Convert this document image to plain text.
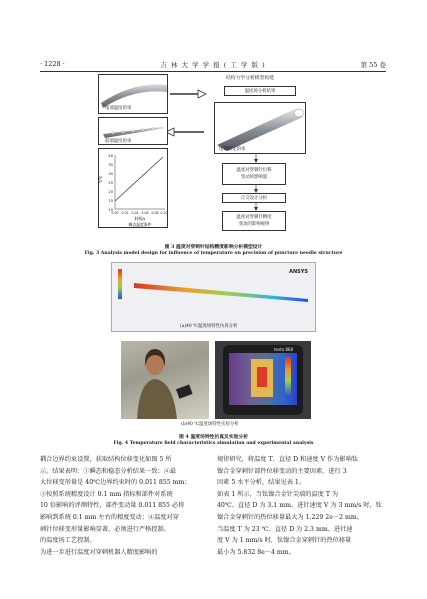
· 1228 ·	吉 林 大 学 学 报 ( 工 学 版 )	第 55 卷
尾部温度的束
前端温度的束
40
35
30
25
20
15
10
0.00 0.02 0.04 0.06 0.08 0.10
T/℃
时间/s
瞬态温度条件
结构力学分析模型构建
温度场分析结果
尾部固定的束
温度对穿刺针位移
变动的影响量
正交设计分析
温度对穿刺针精度
变动的影响规律
图 3 温度对穿刺针结构精度影响分析模型设计
Fig. 3 Analysis model design for influence of temperature on precision of puncture needle structure
ANSYS
(a)40 ℃温度场特性仿真分析
testo 868
(b)40 ℃温度场特性实验分析
图 4 温度场特性仿真及实验分析
Fig. 4 Temperature field characteristics simulation and experimental analysis

耦合边界约束设置，获取结构位移变化如图 5 所

示。结果表明：①瞬态和稳态分析结果一致；②最

大位移变形量是 40℃边界约束时的 0.011 855 mm；

③按照系统精度设计 0.1 mm 指标和部件对系统

10 倍影响的评测特性，部件变动量 0.011 855 必将

影响到系统 0.1 mm 左右的精度变动；④温度对穿

刺针位移变形量影响显著，必须进行严格控制。

的温度场工艺控制。

为进一步进行温度对穿刺机器人精度影响的

规律研究，将温度 T、直径 D 和速度 V 作为影响钛

镍合金穿刺针部件位移变动的主要因素，进行 3

因素 5 水平分析，结果见表 1。

如表 1 所示，当钛镍合金针尖端的温度 T 为

40℃、直径 D 为 3.1 mm、进针速度 V 为 3 mm/s 时，钛

镍合金穿刺针的热位移量最大为 1.229 2e－2 mm。

当温度 T 为 23 ℃、直径 D 为 2.3 mm、进针速

度 V 为 1 mm/s 时，钛镍合金穿刺针的热位移量

最小为 5.832 8e－4 mm。
